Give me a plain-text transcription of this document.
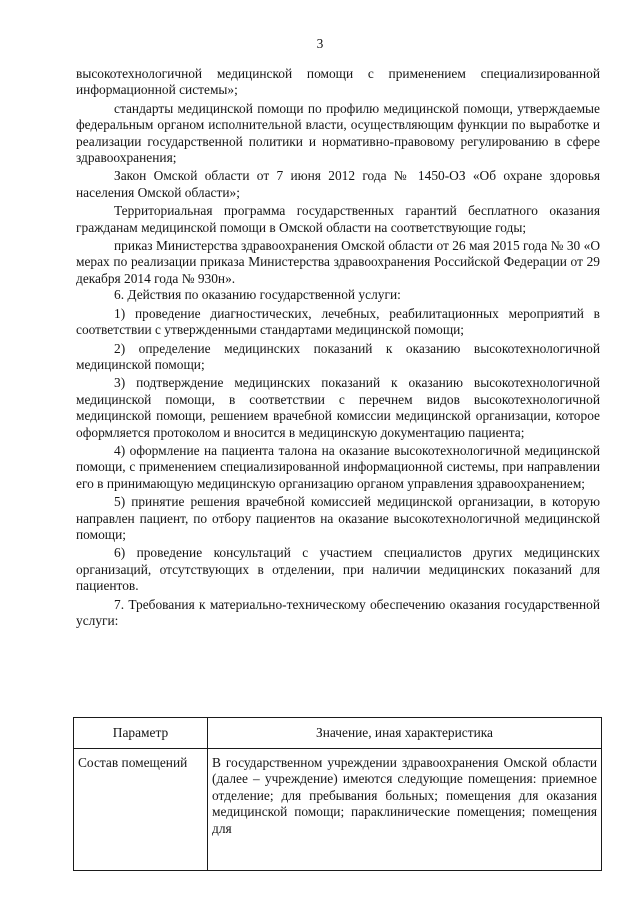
3

высокотехнологичной медицинской помощи с применением специализированной информационной системы»;

стандарты медицинской помощи по профилю медицинской помощи, утверждаемые федеральным органом исполнительной власти, осуществляющим функции по выработке и реализации государственной политики и нормативно-правовому регулированию в сфере здравоохранения;

Закон Омской области от 7 июня 2012 года № 1450-ОЗ «Об охране здоровья населения Омской области»;

Территориальная программа государственных гарантий бесплатного оказания гражданам медицинской помощи в Омской области на соответствующие годы;

приказ Министерства здравоохранения Омской области от 26 мая 2015 года № 30 «О мерах по реализации приказа Министерства здравоохранения Российской Федерации от 29 декабря 2014 года № 930н».

6. Действия по оказанию государственной услуги:

1) проведение диагностических, лечебных, реабилитационных мероприятий в соответствии с утвержденными стандартами медицинской помощи;

2) определение медицинских показаний к оказанию высокотехнологичной медицинской помощи;

3) подтверждение медицинских показаний к оказанию высокотехнологичной медицинской помощи, в соответствии с перечнем видов высокотехнологичной медицинской помощи, решением врачебной комиссии медицинской организации, которое оформляется протоколом и вносится в медицинскую документацию пациента;

4) оформление на пациента талона на оказание высокотехнологичной медицинской помощи, с применением специализированной информационной системы, при направлении его в принимающую медицинскую организацию органом управления здравоохранением;

5) принятие решения врачебной комиссией медицинской организации, в которую направлен пациент, по отбору пациентов на оказание высокотехнологичной медицинской помощи;

6) проведение консультаций с участием специалистов других медицинских организаций, отсутствующих в отделении, при наличии медицинских показаний для пациентов.

7. Требования к материально-техническому обеспечению оказания государственной услуги:

Параметр	Значение, иная характеристика
Состав помещений	В государственном учреждении здравоохранения Омской области (далее – учреждение) имеются следующие помещения: приемное отделение; для пребывания больных; помещения для оказания медицинской помощи; параклинические помещения; помещения для
